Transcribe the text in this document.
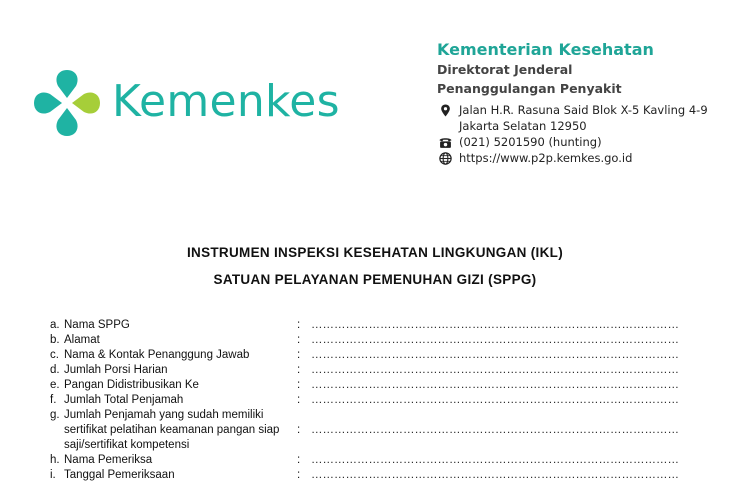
Kemenkes
Kementerian Kesehatan
Direktorat Jenderal
Penanggulangan Penyakit
Jalan H.R. Rasuna Said Blok X-5 Kavling 4-9
Jakarta Selatan 12950
(021) 5201590 (hunting)
https://www.p2p.kemkes.go.id
INSTRUMEN INSPEKSI KESEHATAN LINGKUNGAN (IKL)
SATUAN PELAYANAN PEMENUHAN GIZI (SPPG)
a. Nama SPPG	: ……………………………………………………………………………………
b. Alamat	: ……………………………………………………………………………………
c. Nama & Kontak Penanggung Jawab	: ……………………………………………………………………………………
d. Jumlah Porsi Harian	: ……………………………………………………………………………………
e. Pangan Didistribusikan Ke	: ……………………………………………………………………………………
f. Jumlah Total Penjamah	: ……………………………………………………………………………………
g. Jumlah Penjamah yang sudah memiliki
sertifikat pelatihan keamanan pangan siap
saji/sertifikat kompetensi
: ……………………………………………………………………………………
h. Nama Pemeriksa	: ……………………………………………………………………………………
i. Tanggal Pemeriksaan	: ……………………………………………………………………………………
